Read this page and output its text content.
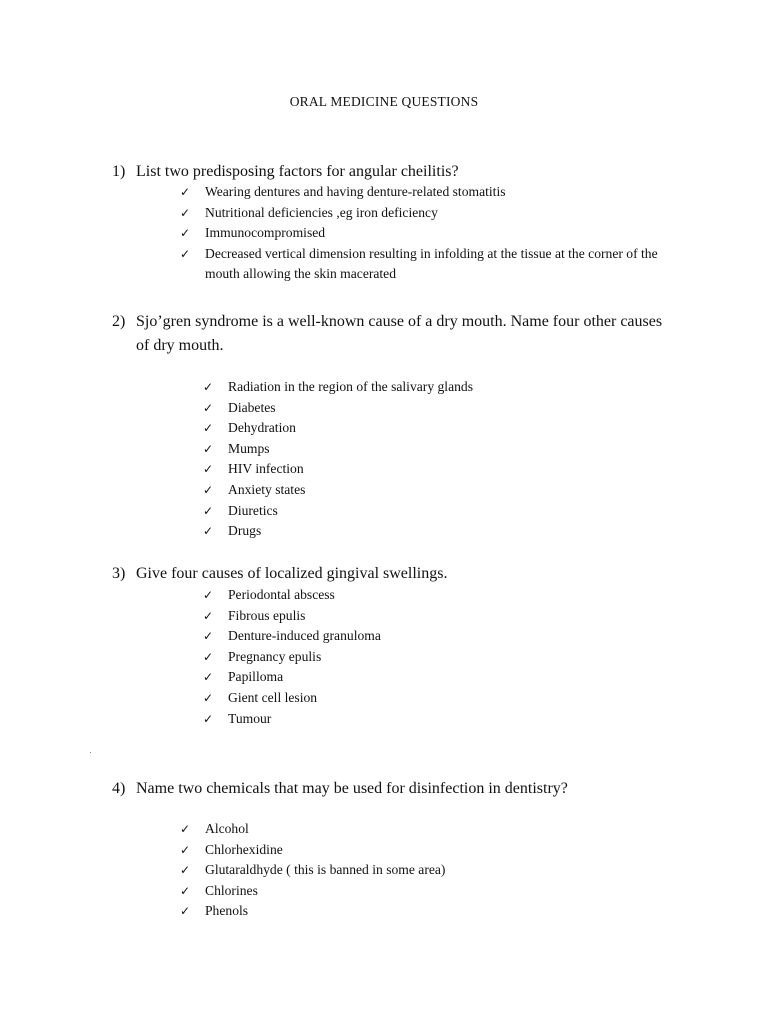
ORAL MEDICINE QUESTIONS
1) List two predisposing factors for angular cheilitis?
✓ Wearing dentures and having denture-related stomatitis
✓ Nutritional deficiencies ,eg iron deficiency
✓ Immunocompromised
✓ Decreased vertical dimension resulting in infolding at the tissue at the corner of the mouth allowing the skin macerated
2) Sjo’gren syndrome is a well-known cause of a dry mouth. Name four other causes of dry mouth.
✓ Radiation in the region of the salivary glands
✓ Diabetes
✓ Dehydration
✓ Mumps
✓ HIV infection
✓ Anxiety states
✓ Diuretics
✓ Drugs
3) Give four causes of localized gingival swellings.
✓ Periodontal abscess
✓ Fibrous epulis
✓ Denture-induced granuloma
✓ Pregnancy epulis
✓ Papilloma
✓ Gient cell lesion
✓ Tumour
4) Name two chemicals that may be used for disinfection in dentistry?
✓ Alcohol
✓ Chlorhexidine
✓ Glutaraldhyde ( this is banned in some area)
✓ Chlorines
✓ Phenols
